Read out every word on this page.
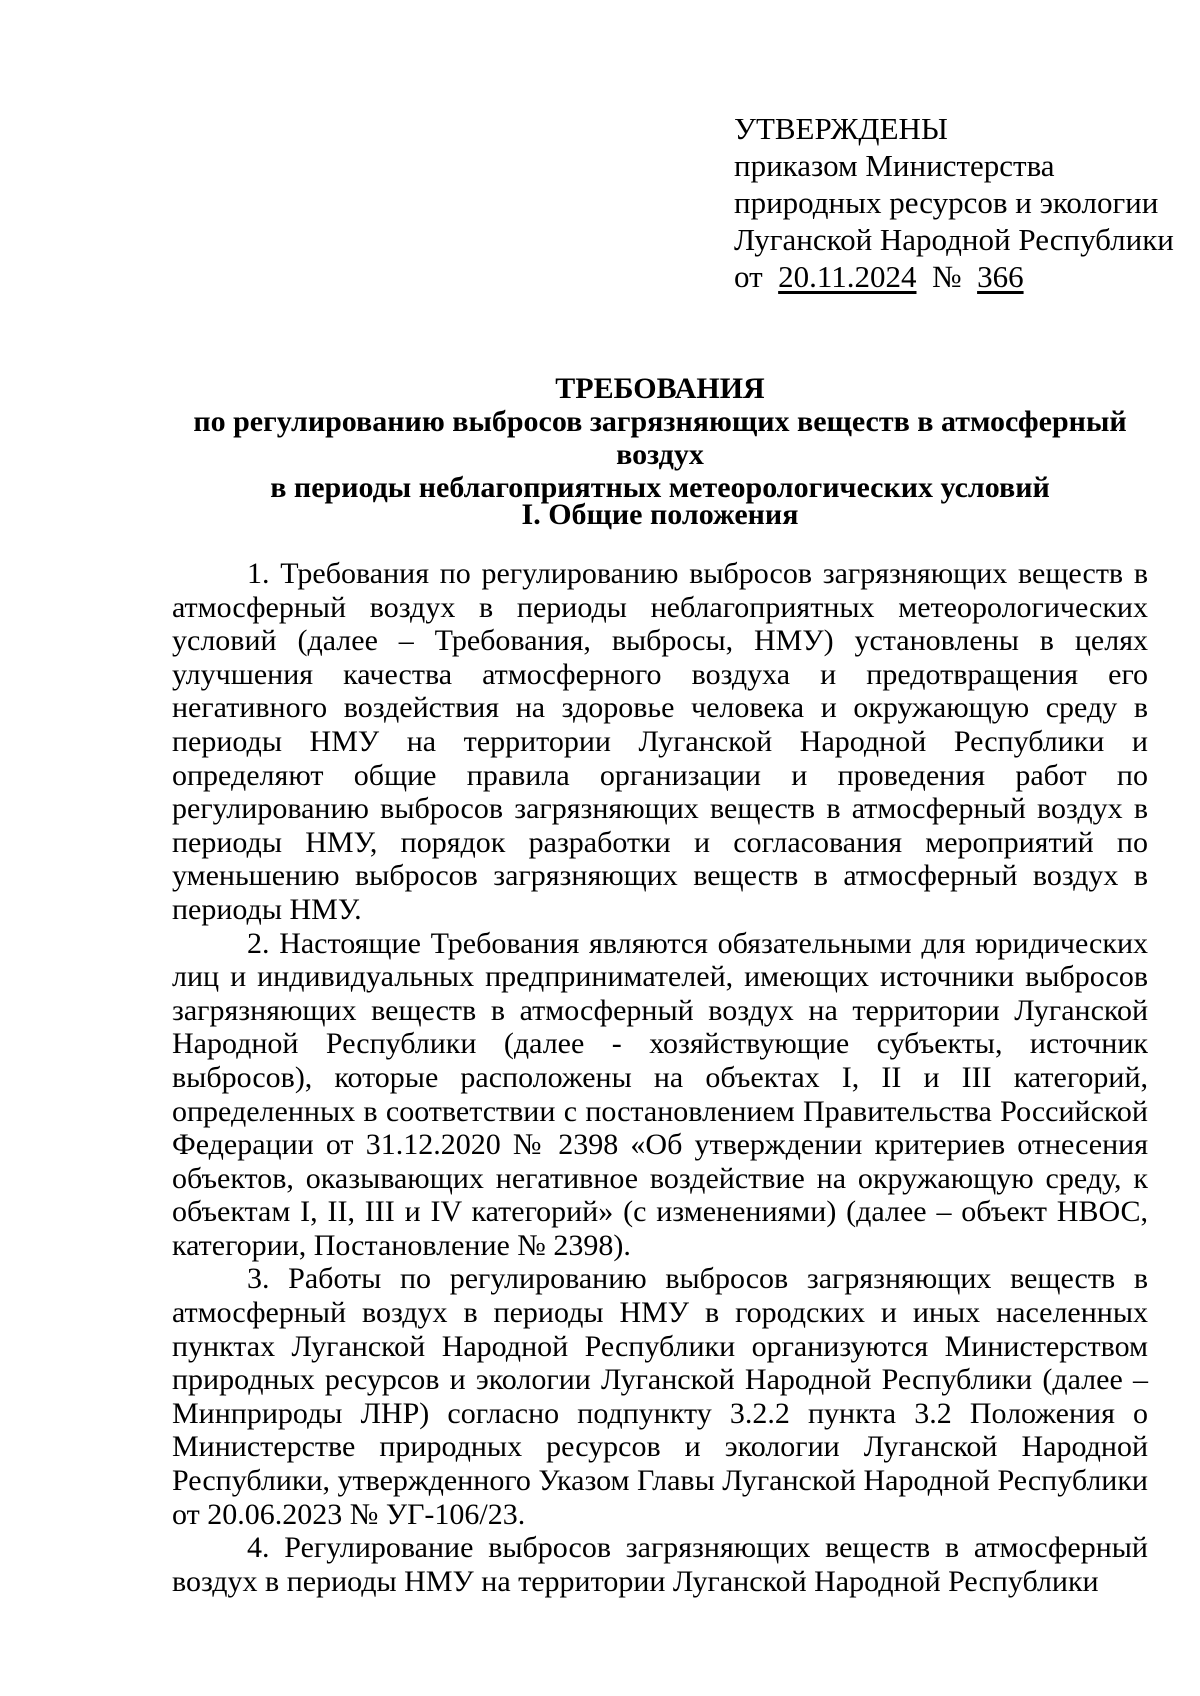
УТВЕРЖДЕНЫ
приказом Министерства
природных ресурсов и экологии
Луганской Народной Республики
от 20.11.2024 № 366
ТРЕБОВАНИЯ
по регулированию выбросов загрязняющих веществ в атмосферный воздух
в периоды неблагоприятных метеорологических условий
I. Общие положения

1. Требования по регулированию выбросов загрязняющих веществ в атмосферный воздух в периоды неблагоприятных метеорологических условий (далее – Требования, выбросы, НМУ) установлены в целях улучшения качества атмосферного воздуха и предотвращения его негативного воздействия на здоровье человека и окружающую среду в периоды НМУ на территории Луганской Народной Республики и определяют общие правила организации и проведения работ по регулированию выбросов загрязняющих веществ в атмосферный воздух в периоды НМУ, порядок разработки и согласования мероприятий по уменьшению выбросов загрязняющих веществ в атмосферный воздух в периоды НМУ.

2. Настоящие Требования являются обязательными для юридических лиц и индивидуальных предпринимателей, имеющих источники выбросов загрязняющих веществ в атмосферный воздух на территории Луганской Народной Республики (далее - хозяйствующие субъекты, источник выбросов), которые расположены на объектах I, II и III категорий, определенных в соответствии с постановлением Правительства Российской Федерации от 31.12.2020 № 2398 «Об утверждении критериев отнесения объектов, оказывающих негативное воздействие на окружающую среду, к объектам I, II, III и IV категорий» (с изменениями) (далее – объект НВОС, категории, Постановление № 2398).

3. Работы по регулированию выбросов загрязняющих веществ в атмосферный воздух в периоды НМУ в городских и иных населенных пунктах Луганской Народной Республики организуются Министерством природных ресурсов и экологии Луганской Народной Республики (далее – Минприроды ЛНР) согласно подпункту 3.2.2 пункта 3.2 Положения о Министерстве природных ресурсов и экологии Луганской Народной Республики, утвержденного Указом Главы Луганской Народной Республики от 20.06.2023 № УГ-106/23.

4. Регулирование выбросов загрязняющих веществ в атмосферный воздух в периоды НМУ на территории Луганской Народной Республики
